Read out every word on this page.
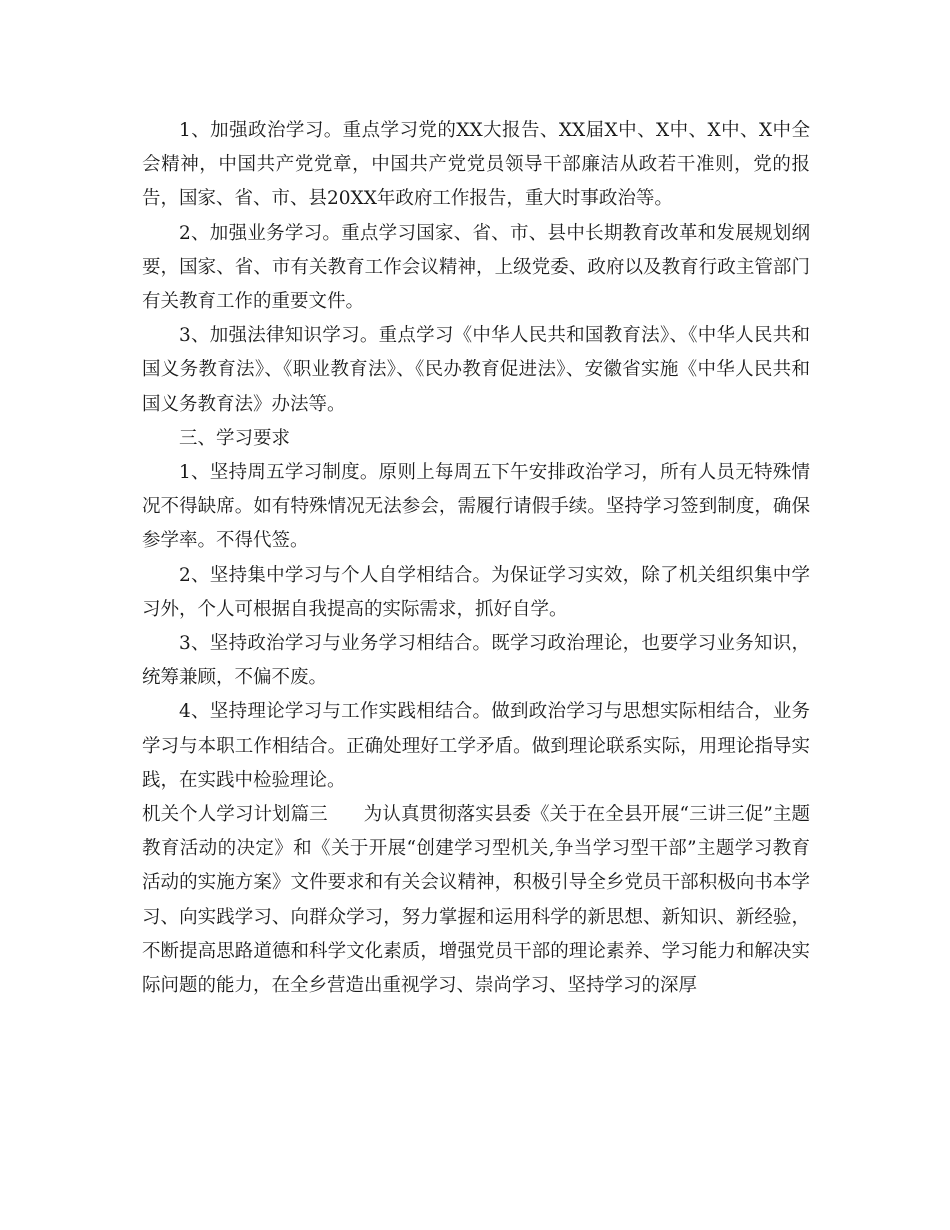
1、加强政治学习。重点学习党的XX大报告、XX届X中、X中、X中、X中全会精神，中国共产党党章，中国共产党党员领导干部廉洁从政若干准则，党的报告，国家、省、市、县20XX年政府工作报告，重大时事政治等。

2、加强业务学习。重点学习国家、省、市、县中长期教育改革和发展规划纲要，国家、省、市有关教育工作会议精神，上级党委、政府以及教育行政主管部门有关教育工作的重要文件。

3、加强法律知识学习。重点学习《中华人民共和国教育法》、《中华人民共和国义务教育法》、《职业教育法》、《民办教育促进法》、安徽省实施《中华人民共和国义务教育法》办法等。

三、学习要求

1、坚持周五学习制度。原则上每周五下午安排政治学习，所有人员无特殊情况不得缺席。如有特殊情况无法参会，需履行请假手续。坚持学习签到制度，确保参学率。不得代签。

2、坚持集中学习与个人自学相结合。为保证学习实效，除了机关组织集中学习外，个人可根据自我提高的实际需求，抓好自学。

3、坚持政治学习与业务学习相结合。既学习政治理论，也要学习业务知识，统筹兼顾，不偏不废。

4、坚持理论学习与工作实践相结合。做到政治学习与思想实际相结合，业务学习与本职工作相结合。正确处理好工学矛盾。做到理论联系实际，用理论指导实践，在实践中检验理论。

机关个人学习计划篇三 为认真贯彻落实县委《关于在全县开展“三讲三促”主题教育活动的决定》和《关于开展“创建学习型机关,争当学习型干部”主题学习教育活动的实施方案》文件要求和有关会议精神，积极引导全乡党员干部积极向书本学习、向实践学习、向群众学习，努力掌握和运用科学的新思想、新知识、新经验，不断提高思路道德和科学文化素质，增强党员干部的理论素养、学习能力和解决实际问题的能力，在全乡营造出重视学习、崇尚学习、坚持学习的深厚
